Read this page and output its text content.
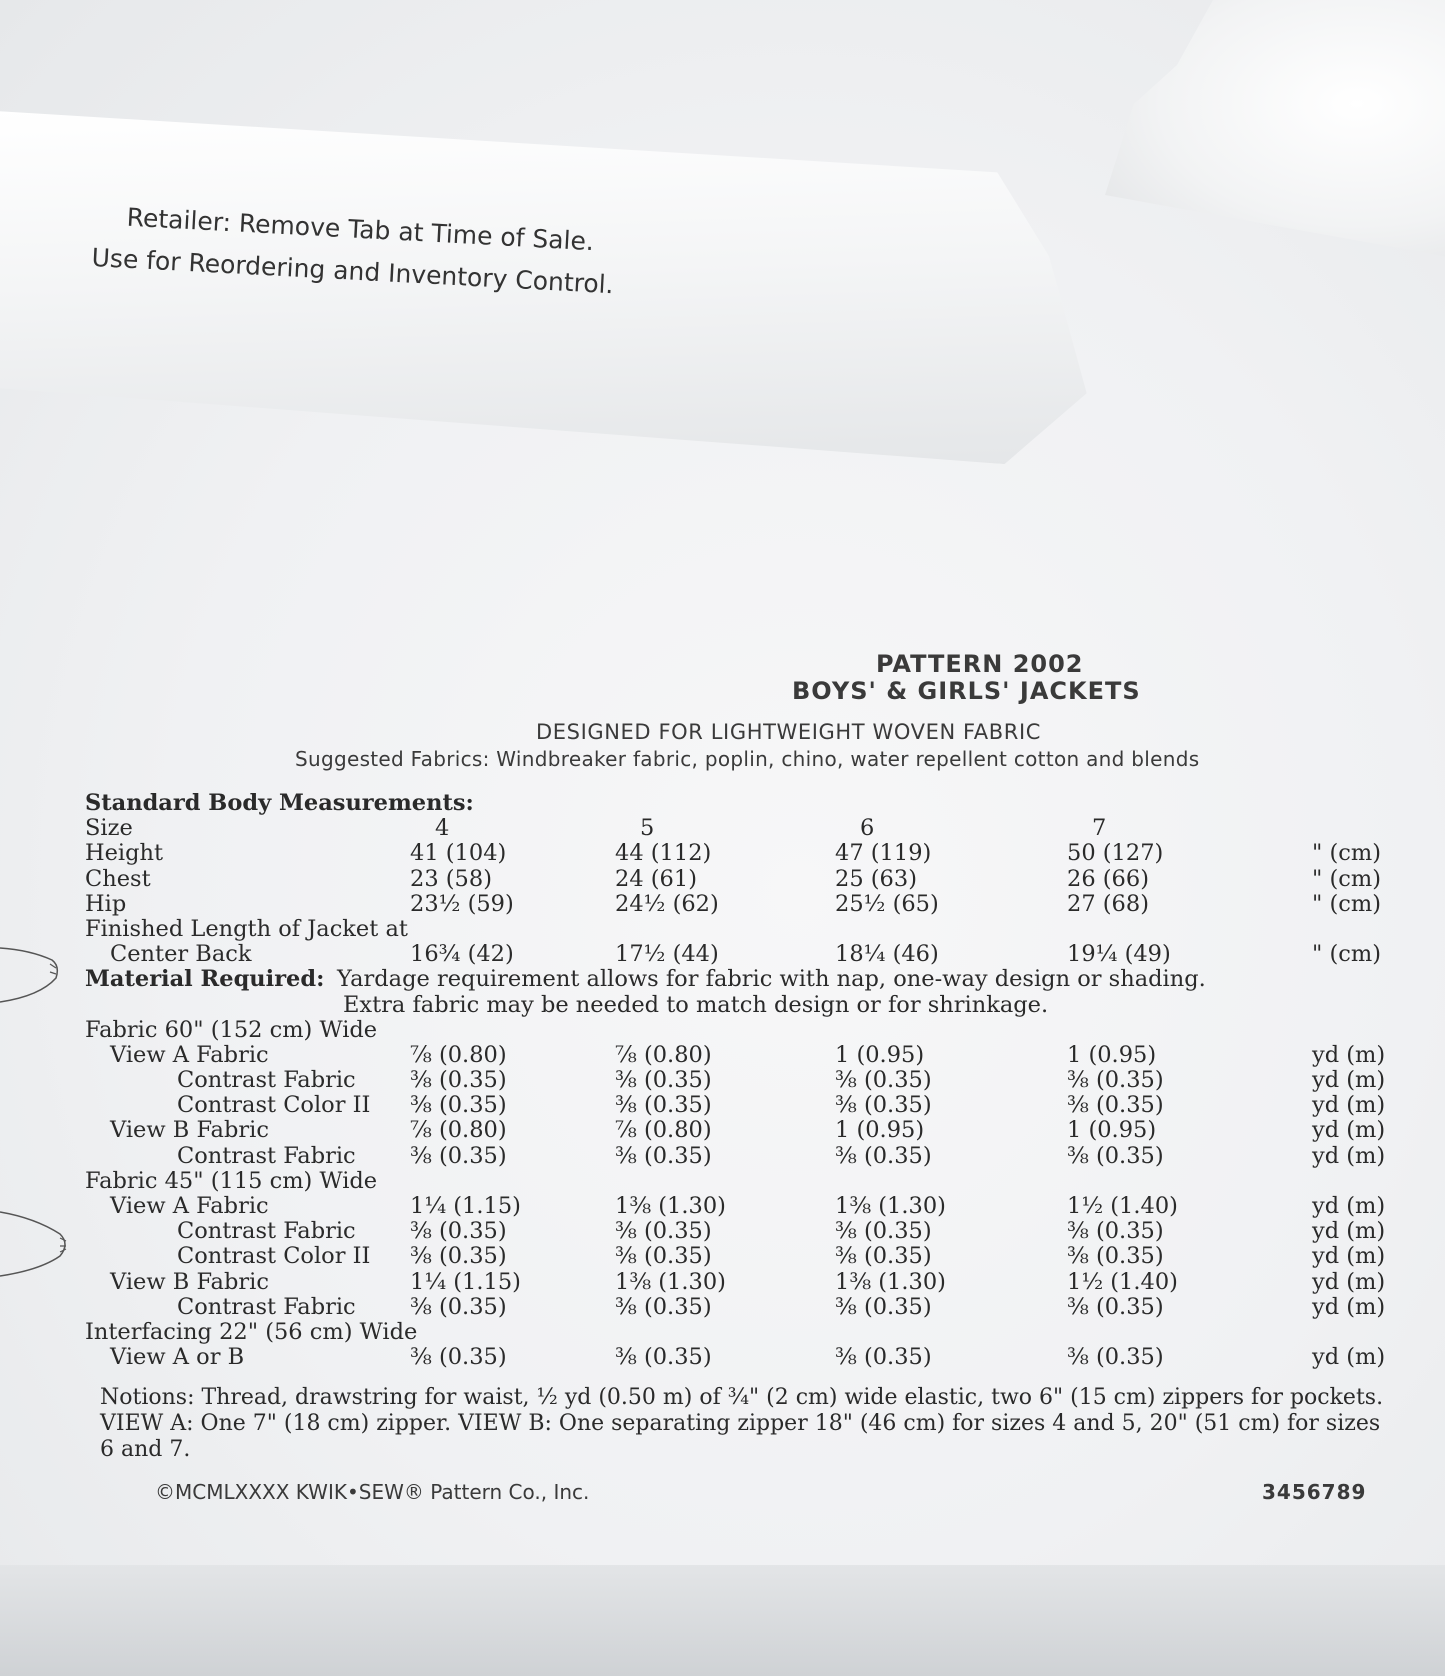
Retailer: Remove Tab at Time of Sale.
Use for Reordering and Inventory Control.
PATTERN 2002
BOYS' & GIRLS' JACKETS
DESIGNED FOR LIGHTWEIGHT WOVEN FABRIC
Suggested Fabrics: Windbreaker fabric, poplin, chino, water repellent cotton and blends
Standard Body Measurements:
Size	4	5	6	7
Height	41 (104)	44 (112)	47 (119)	50 (127)	" (cm)
Chest	23 (58)	24 (61)	25 (63)	26 (66)	" (cm)
Hip	23½ (59)	24½ (62)	25½ (65)	27 (68)	" (cm)
Finished Length of Jacket at
Center Back	16¾ (42)	17½ (44)	18¼ (46)	19¼ (49)	" (cm)
Material Required: Yardage requirement allows for fabric with nap, one-way design or shading.
Extra fabric may be needed to match design or for shrinkage.
Fabric 60" (152 cm) Wide
View A Fabric	⅞ (0.80)	⅞ (0.80)	1 (0.95)	1 (0.95)	yd (m)
Contrast Fabric ⅜ (0.35)	⅜ (0.35)	⅜ (0.35)	⅜ (0.35)	yd (m)
Contrast Color II ⅜ (0.35)	⅜ (0.35)	⅜ (0.35)	⅜ (0.35)	yd (m)
View B Fabric	⅞ (0.80)	⅞ (0.80)	1 (0.95)	1 (0.95)	yd (m)
Contrast Fabric ⅜ (0.35)	⅜ (0.35)	⅜ (0.35)	⅜ (0.35)	yd (m)
Fabric 45" (115 cm) Wide
View A Fabric	1¼ (1.15)	1⅜ (1.30)	1⅜ (1.30)	1½ (1.40)	yd (m)
Contrast Fabric ⅜ (0.35)	⅜ (0.35)	⅜ (0.35)	⅜ (0.35)	yd (m)
Contrast Color II ⅜ (0.35)	⅜ (0.35)	⅜ (0.35)	⅜ (0.35)	yd (m)
View B Fabric	1¼ (1.15)	1⅜ (1.30)	1⅜ (1.30)	1½ (1.40)	yd (m)
Contrast Fabric ⅜ (0.35)	⅜ (0.35)	⅜ (0.35)	⅜ (0.35)	yd (m)
Interfacing 22" (56 cm) Wide
View A or B	⅜ (0.35)	⅜ (0.35)	⅜ (0.35)	⅜ (0.35)	yd (m)
Notions: Thread, drawstring for waist, ½ yd (0.50 m) of ¾" (2 cm) wide elastic, two 6" (15 cm) zippers for pockets. VIEW A: One 7" (18 cm) zipper. VIEW B: One separating zipper 18" (46 cm) for sizes 4 and 5, 20" (51 cm) for sizes 6 and 7.
©MCMLXXXX KWIK•SEW® Pattern Co., Inc.	3456789
